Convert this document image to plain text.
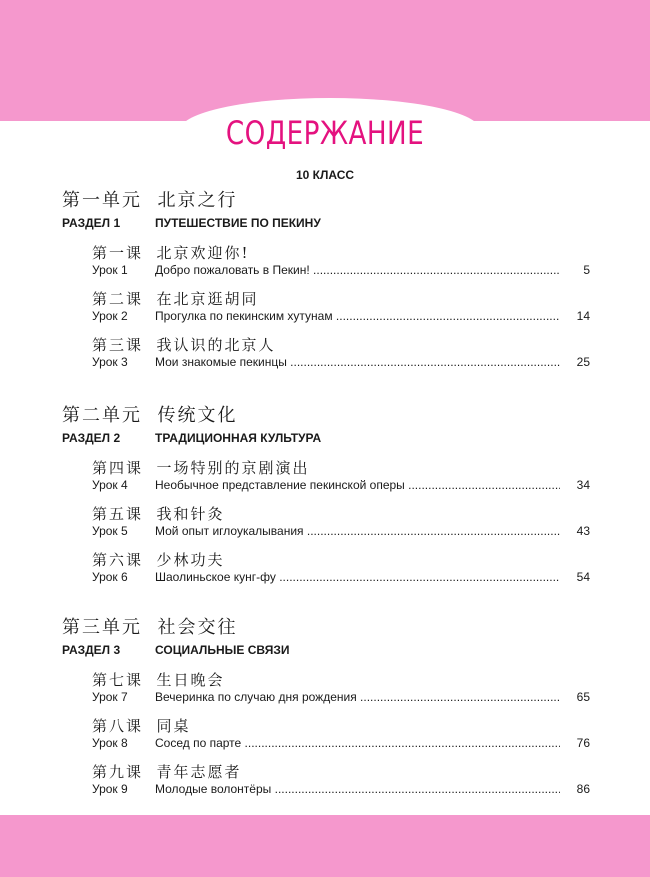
СОДЕРЖАНИЕ
10 КЛАСС
第一单元  北京之行
РАЗДЕЛ 1	ПУТЕШЕСТВИЕ ПО ПЕКИНУ
第一课  北京欢迎你!
Урок 1 Добро пожаловать в Пекин! .....	5
第二课  在北京逛胡同
Урок 2 Прогулка по пекинским хутунам .....	14
第三课  我认识的北京人
Урок 3 Мои знакомые пекинцы .....	25
第二单元  传统文化
РАЗДЕЛ 2	ТРАДИЦИОННАЯ КУЛЬТУРА
第四课  一场特别的京剧演出
Урок 4 Необычное представление пекинской оперы .....	34
第五课  我和针灸
Урок 5 Мой опыт иглоукалывания .....	43
第六课  少林功夫
Урок 6 Шаолиньское кунг-фу .....	54
第三单元  社会交往
РАЗДЕЛ 3	СОЦИАЛЬНЫЕ СВЯЗИ
第七课  生日晚会
Урок 7 Вечеринка по случаю дня рождения .....	65
第八课  同桌
Урок 8 Сосед по парте .....	76
第九课  青年志愿者
Урок 9 Молодые волонтёры .....	86
